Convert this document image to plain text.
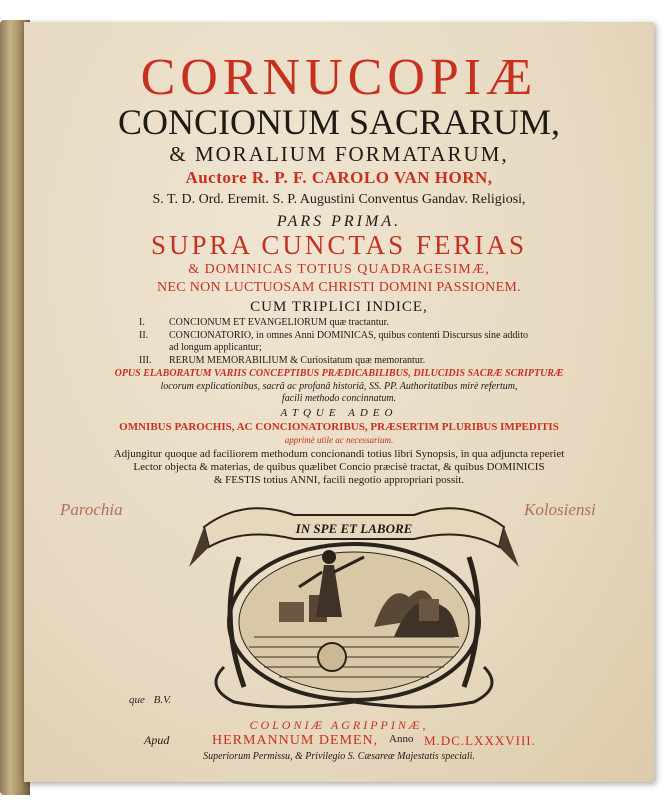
CORNUCOPIÆ
CONCIONUM SACRARUM,
& MORALIUM FORMATARUM,
Auctore R. P. F. CAROLO VAN HORN,
S. T. D. Ord. Eremit. S. P. Augustini Conventus Gandav. Religiosi,
PARS PRIMA.
SUPRA CUNCTAS FERIAS
& DOMINICAS TOTIUS QUADRAGESIMÆ,
NEC NON LUCTUOSAM CHRISTI DOMINI PASSIONEM.
CUM TRIPLICI INDICE,
I. CONCIONUM ET EVANGELIORUM quæ tractantur.
II. CONCIONATORIO, in omnes Anni DOMINICAS, quibus contenti Discursus sine addito
ad longum applicantur;
III. RERUM MEMORABILIUM & Curiositatum quæ memorantur.
OPUS ELABORATUM VARIIS CONCEPTIBUS PRÆDICABILIBUS, DILUCIDIS SACRÆ SCRIPTURÆ
locorum explicationibus, sacrâ ac profanâ historiâ, SS. PP. Authoritatibus mirè refertum,
facili methodo concinnatum.
ATQUE ADEO
OMNIBUS PAROCHIS, AC CONCIONATORIBUS, PRÆSERTIM PLURIBUS IMPEDITIS
apprimè utile ac necessarium.
Adjungitur quoque ad faciliorem methodum concionandi totius libri Synopsis, in qua adjuncta reperiet
Lector objecta & materias, de quibus quælibet Concio præcisè tractat, & quibus DOMINICIS
& FESTIS totius ANNI, facili negotio appropriari possit.
Parochia	Kolosiensi
IN SPE ET LABORE
que B.V.
COLONIÆ AGRIPPINÆ,
Apud	HERMANNUM DEMEN, Anno M.DC.LXXXVIII.
Superiorum Permissu, & Privilegio S. Cæsareæ Majestatis speciali.
